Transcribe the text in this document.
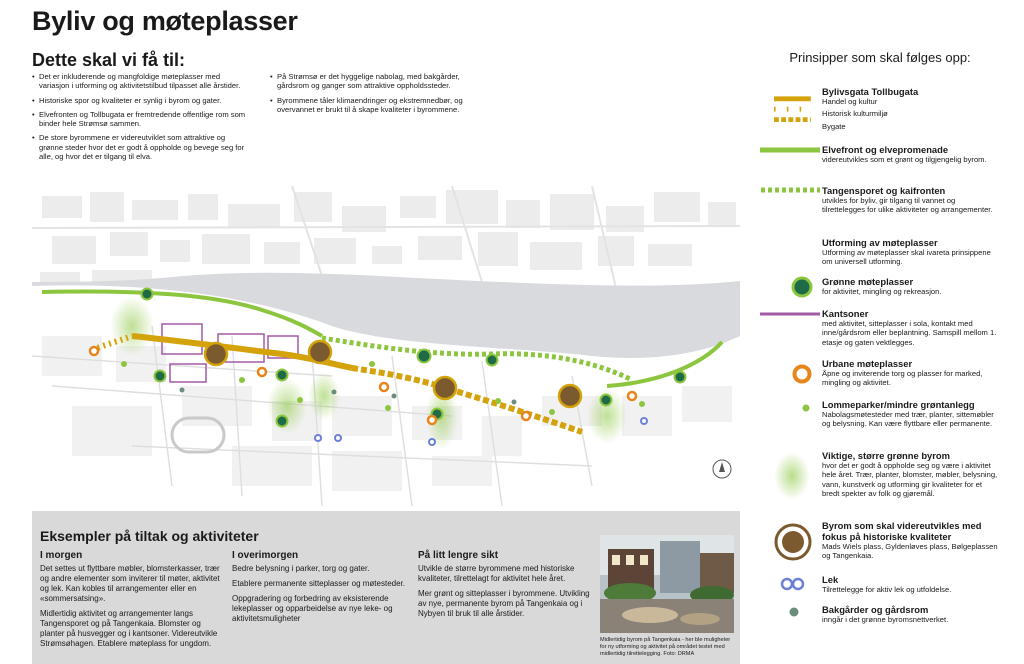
Byliv og møteplasser
Dette skal vi få til:
• Det er inkluderende og mangfoldige møteplasser med variasjon i utforming og aktivitetstilbud tilpasset alle årstider.
• Historiske spor og kvaliteter er synlig i byrom og gater.
• Elvefronten og Tollbugata er fremtredende offentlige rom som binder hele Strømsø sammen.
• De store byrommene er videreutviklet som attraktive og grønne steder hvor det er godt å oppholde og bevege seg for alle, og hvor det er tilgang til elva.
• På Strømsø er det hyggelige nabolag, med bakgårder, gårdsrom og ganger som attraktive oppholdssteder.
• Byrommene tåler klimaendringer og ekstremnedbør, og overvannet er brukt til å skape kvaliteter i byrommene.
Prinsipper som skal følges opp:
Bylivsgata Tollbugata
Handel og kultur
Historisk kulturmiljø
Bygate
Elvefront og elvepromenade
videreutvikles som et grønt og tilgjengelig byrom.
Tangensporet og kaifronten
utvikles for byliv, gir tilgang til vannet og tilrettelegges for ulike aktiviteter og arrangementer.
Utforming av møteplasser
Utforming av møteplasser skal ivareta prinsippene om universell utforming.
Grønne møteplasser
for aktivitet, mingling og rekreasjon.
Kantsoner
med aktivitet, sitteplasser i sola, kontakt med inne/gårdsrom eller beplantning. Samspill mellom 1. etasje og gaten vektlegges.
Urbane møteplasser
Åpne og inviterende torg og plasser for marked, mingling og aktivitet.
Lommeparker/mindre grøntanlegg
Nabolagsmøtesteder med trær, planter, sittemøbler og belysning. Kan være flyttbare eller permanente.
Viktige, større grønne byrom
hvor det er godt å oppholde seg og være i aktivitet hele året. Trær, planter, blomster, møbler, belysning, vann, kunstverk og utforming gir kvaliteter for et bredt spekter av folk og gjøremål.
Byrom som skal videreutvikles med fokus på historiske kvaliteter
Mads Wiels plass, Gyldenløves plass, Bølgeplassen og Tangenkaia.
Lek
Tilrettelegge for aktiv lek og utfoldelse.
Bakgårder og gårdsrom
inngår i det grønne byromsnettverket.
Eksempler på tiltak og aktiviteter
I morgen

Det settes ut flyttbare møbler, blomsterkasser, trær og andre elementer som inviterer til møter, aktivitet og lek. Kan kobles til arrangementer eller en «sommersatsing».

Midlertidig aktivitet og arrangementer langs Tangensporet og på Tangenkaia. Blomster og planter på husvegger og i kantsoner. Videreutvikle Strømsøhagen. Etablere møteplass for ungdom.

I overimorgen

Bedre belysning i parker, torg og gater.

Etablere permanente sitteplasser og møtesteder.

Oppgradering og forbedring av eksisterende lekeplasser og opparbeidelse av nye leke- og aktivitetsmuligheter

På litt lengre sikt

Utvikle de større byrommene med historiske kvaliteter, tilrettelagt for aktivitet hele året.

Mer grønt og sitteplasser i byrommene. Utvikling av nye, permanente byrom på Tangenkaia og i Nybyen til bruk til alle årstider.

Midlertidig byrom på Tangenkaia - her ble muligheter for ny utforming og aktivitet på området testet med midlertidig tilrettelegging. Foto: DRMA
